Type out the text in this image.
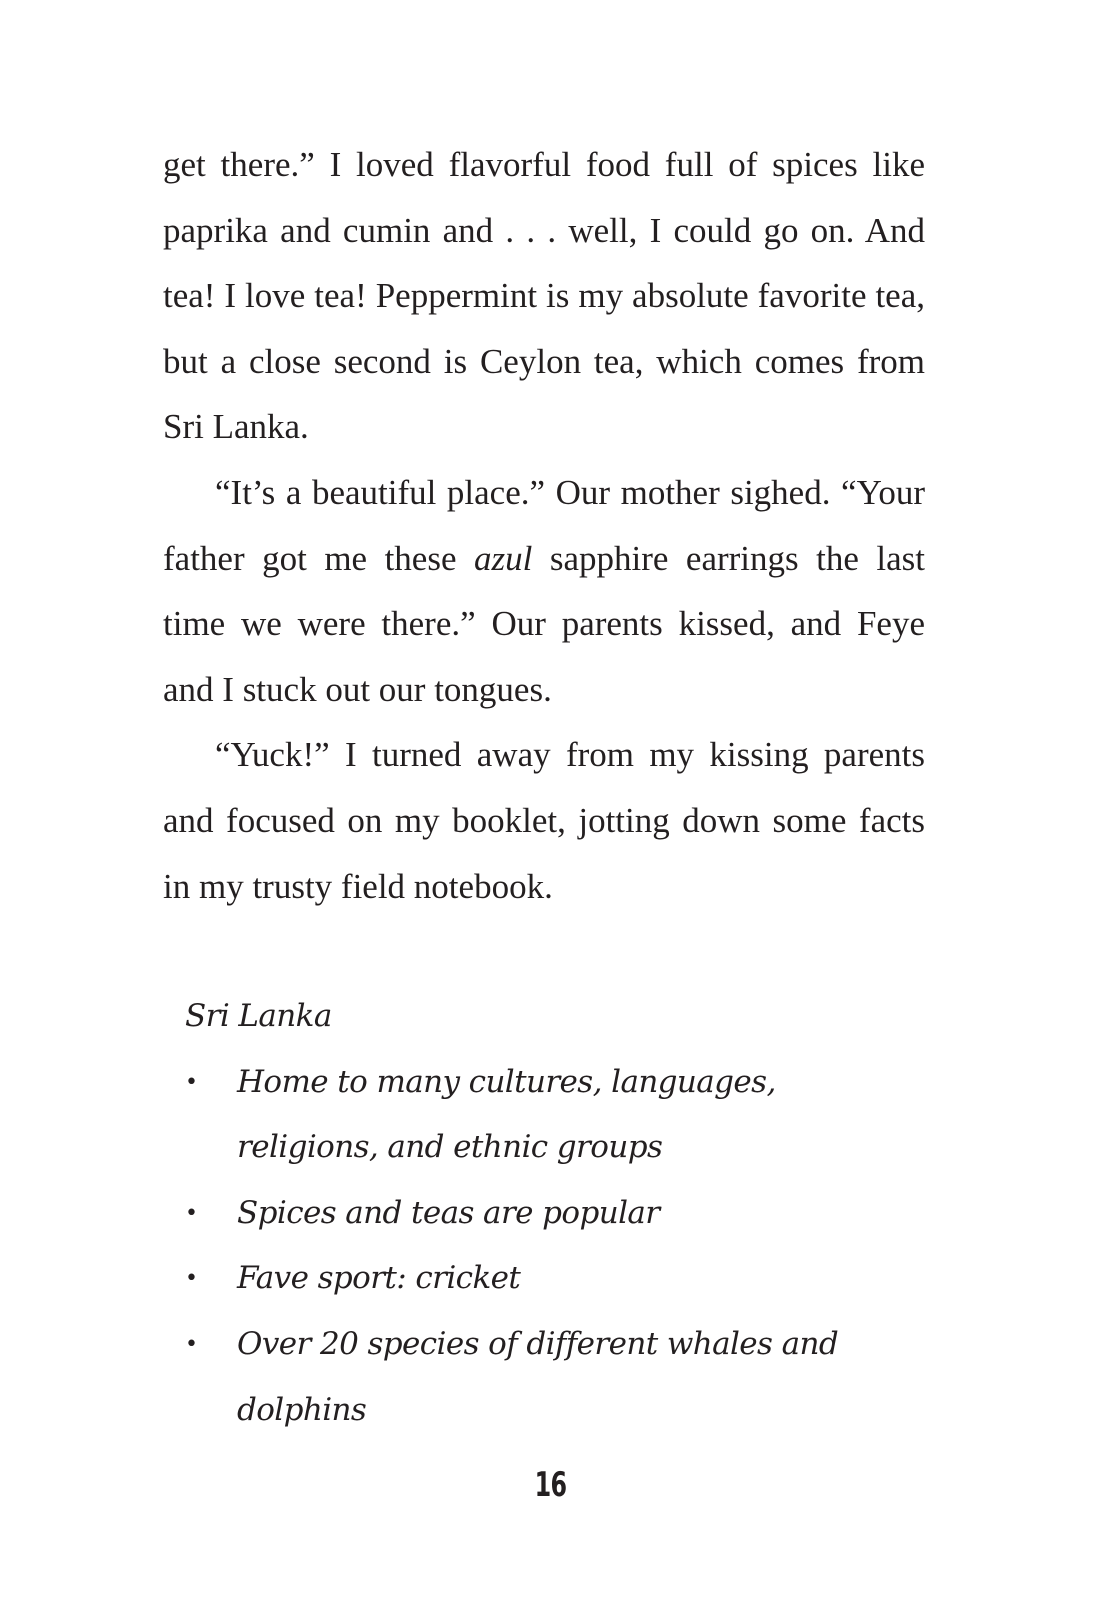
get there.” I loved flavorful food full of spices like paprika and cumin and . . . well, I could go on. And tea! I love tea! Peppermint is my absolute favorite tea, but a close second is Ceylon tea, which comes from Sri Lanka.

“It’s a beautiful place.” Our mother sighed. “Your father got me these azul sapphire earrings the last time we were there.” Our parents kissed, and Feye and I stuck out our tongues.

“Yuck!” I turned away from my kissing parents and focused on my booklet, jotting down some facts in my trusty field notebook.

Sri Lanka

• Home to many cultures, languages, religions, and ethnic groups
• Spices and teas are popular
• Fave sport: cricket
• Over 20 species of different whales and dolphins
16
